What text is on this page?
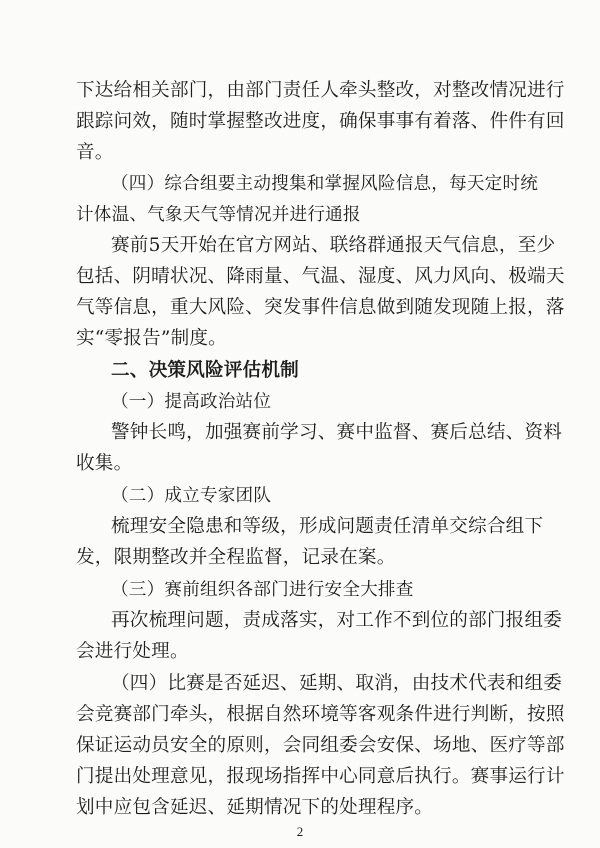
下达给相关部门，由部门责任人牵头整改，对整改情况进行
跟踪问效，随时掌握整改进度，确保事事有着落、件件有回
音。
（四）综合组要主动搜集和掌握风险信息，每天定时统
计体温、气象天气等情况并进行通报
赛前5天开始在官方网站、联络群通报天气信息，至少
包括、阴晴状况、降雨量、气温、湿度、风力风向、极端天
气等信息，重大风险、突发事件信息做到随发现随上报，落
实“零报告”制度。
二、决策风险评估机制
（一）提高政治站位
警钟长鸣，加强赛前学习、赛中监督、赛后总结、资料
收集。
（二）成立专家团队
梳理安全隐患和等级，形成问题责任清单交综合组下
发，限期整改并全程监督，记录在案。
（三）赛前组织各部门进行安全大排查
再次梳理问题，责成落实，对工作不到位的部门报组委
会进行处理。
（四）比赛是否延迟、延期、取消，由技术代表和组委
会竞赛部门牵头，根据自然环境等客观条件进行判断，按照
保证运动员安全的原则，会同组委会安保、场地、医疗等部
门提出处理意见，报现场指挥中心同意后执行。赛事运行计
划中应包含延迟、延期情况下的处理程序。
2
